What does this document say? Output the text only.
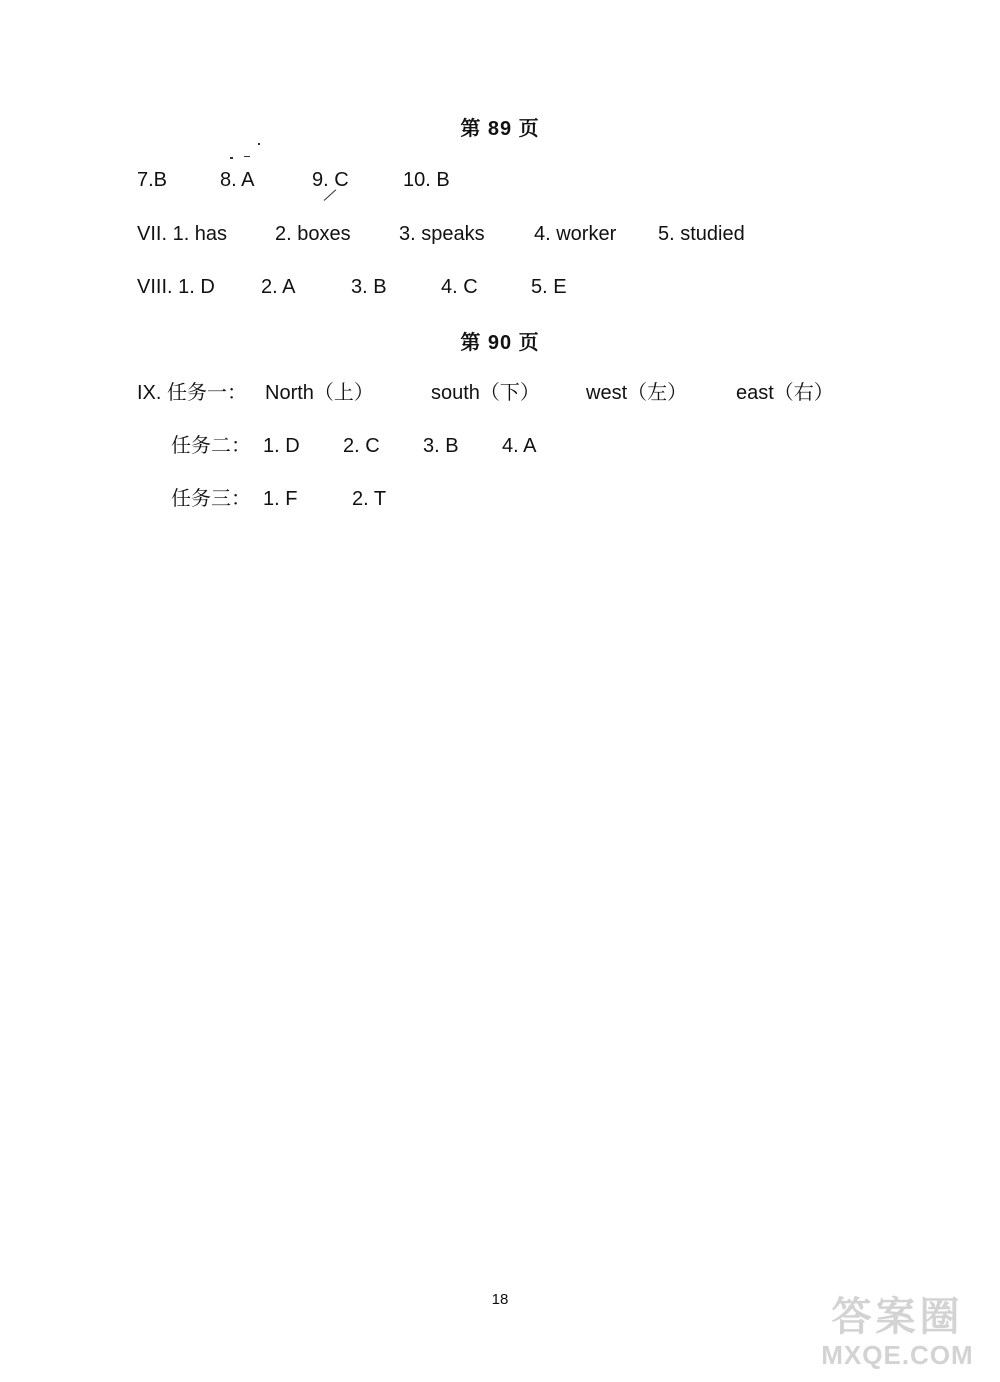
第 89 页
7.B	8. A	9. C	10. B
VII. 1. has 2. boxes 3. speaks 4. worker 5. studied
VIII. 1. D 2. A	3. B	4. C	5. E
第 90 页
IX. 任务一： North（上）	south（下） west（左） east（右）
任务二： 1. D 2. C 3. B 4. A
任务三： 1. F	2. T
18	答案圈
MXQE.COM
